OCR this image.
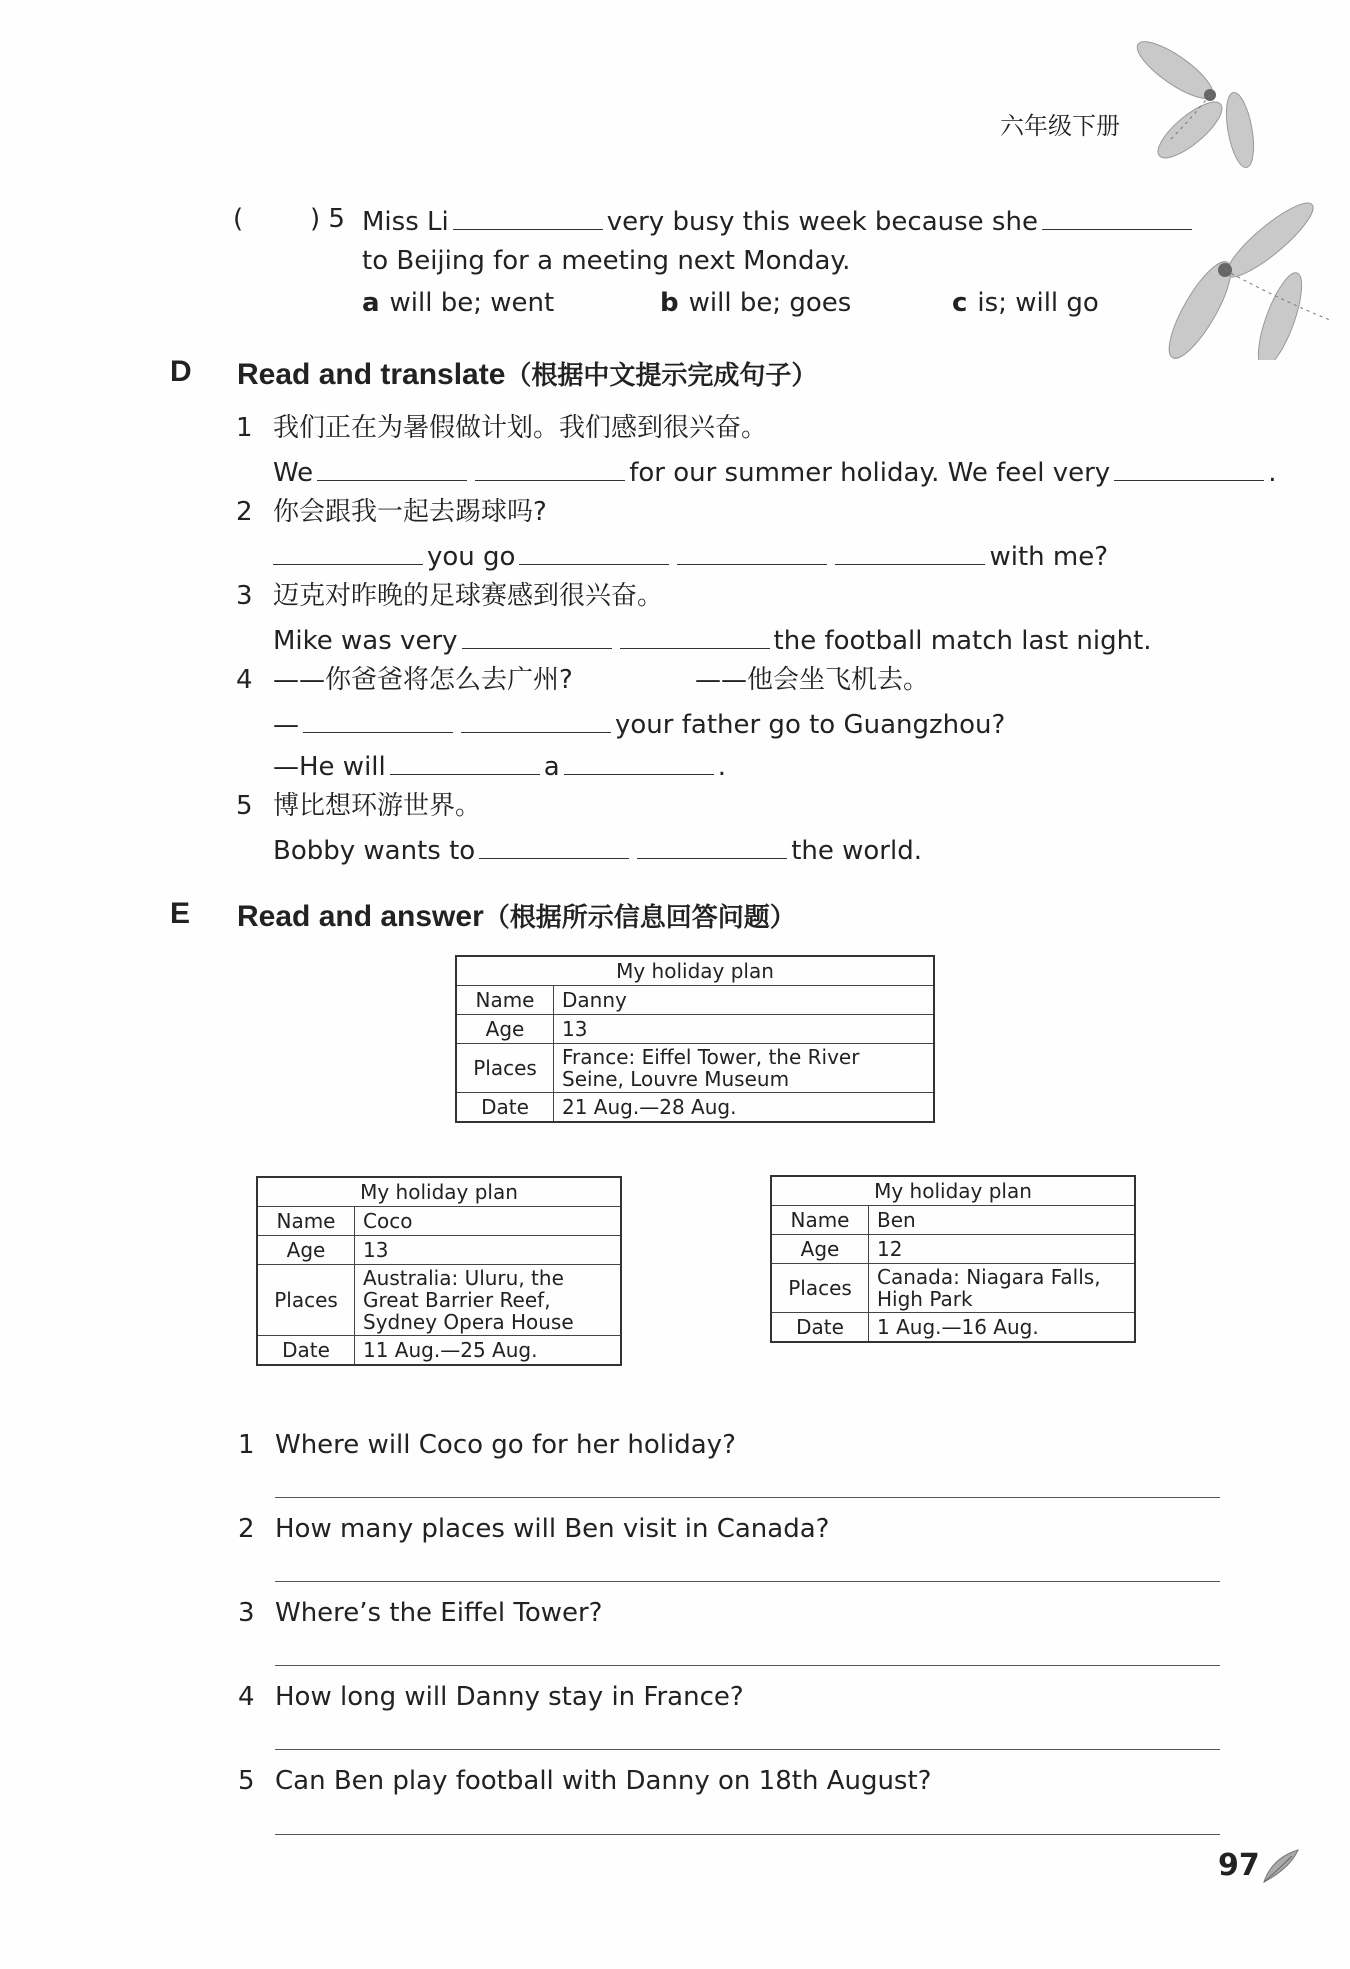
六年级下册
(	) 5 Miss Li	very busy this week because she
to Beijing for a meeting next Monday.
a will be; went	b will be; goes	c is; will go
D Read and translate（根据中文提示完成句子）
1 我们正在为暑假做计划。我们感到很兴奋。
We	for our summer holiday. We feel very	.
2 你会跟我一起去踢球吗?
you go	with me?
3 迈克对昨晚的足球赛感到很兴奋。
Mike was very	the football match last night.
4 ——你爸爸将怎么去广州?	——他会坐飞机去。
—	your father go to Guangzhou?
—He will	a	.
5 博比想环游世界。
Bobby wants to	the world.
E Read and answer（根据所示信息回答问题）
My holiday plan	
Name	Danny
Age	13
Places	France: Eiffel Tower, the River Seine, Louvre Museum
Date	21 Aug.—28 Aug.
My holiday plan	
Name	Coco
Age	13
Places	Australia: Uluru, the Great Barrier Reef, Sydney Opera House
Date	11 Aug.—25 Aug.
My holiday plan	
Name	Ben
Age	12
Places	Canada: Niagara Falls, High Park
Date	1 Aug.—16 Aug.
1 Where will Coco go for her holiday?
2 How many places will Ben visit in Canada?
3 Where’s the Eiffel Tower?
4 How long will Danny stay in France?
5 Can Ben play football with Danny on 18th August?
97
